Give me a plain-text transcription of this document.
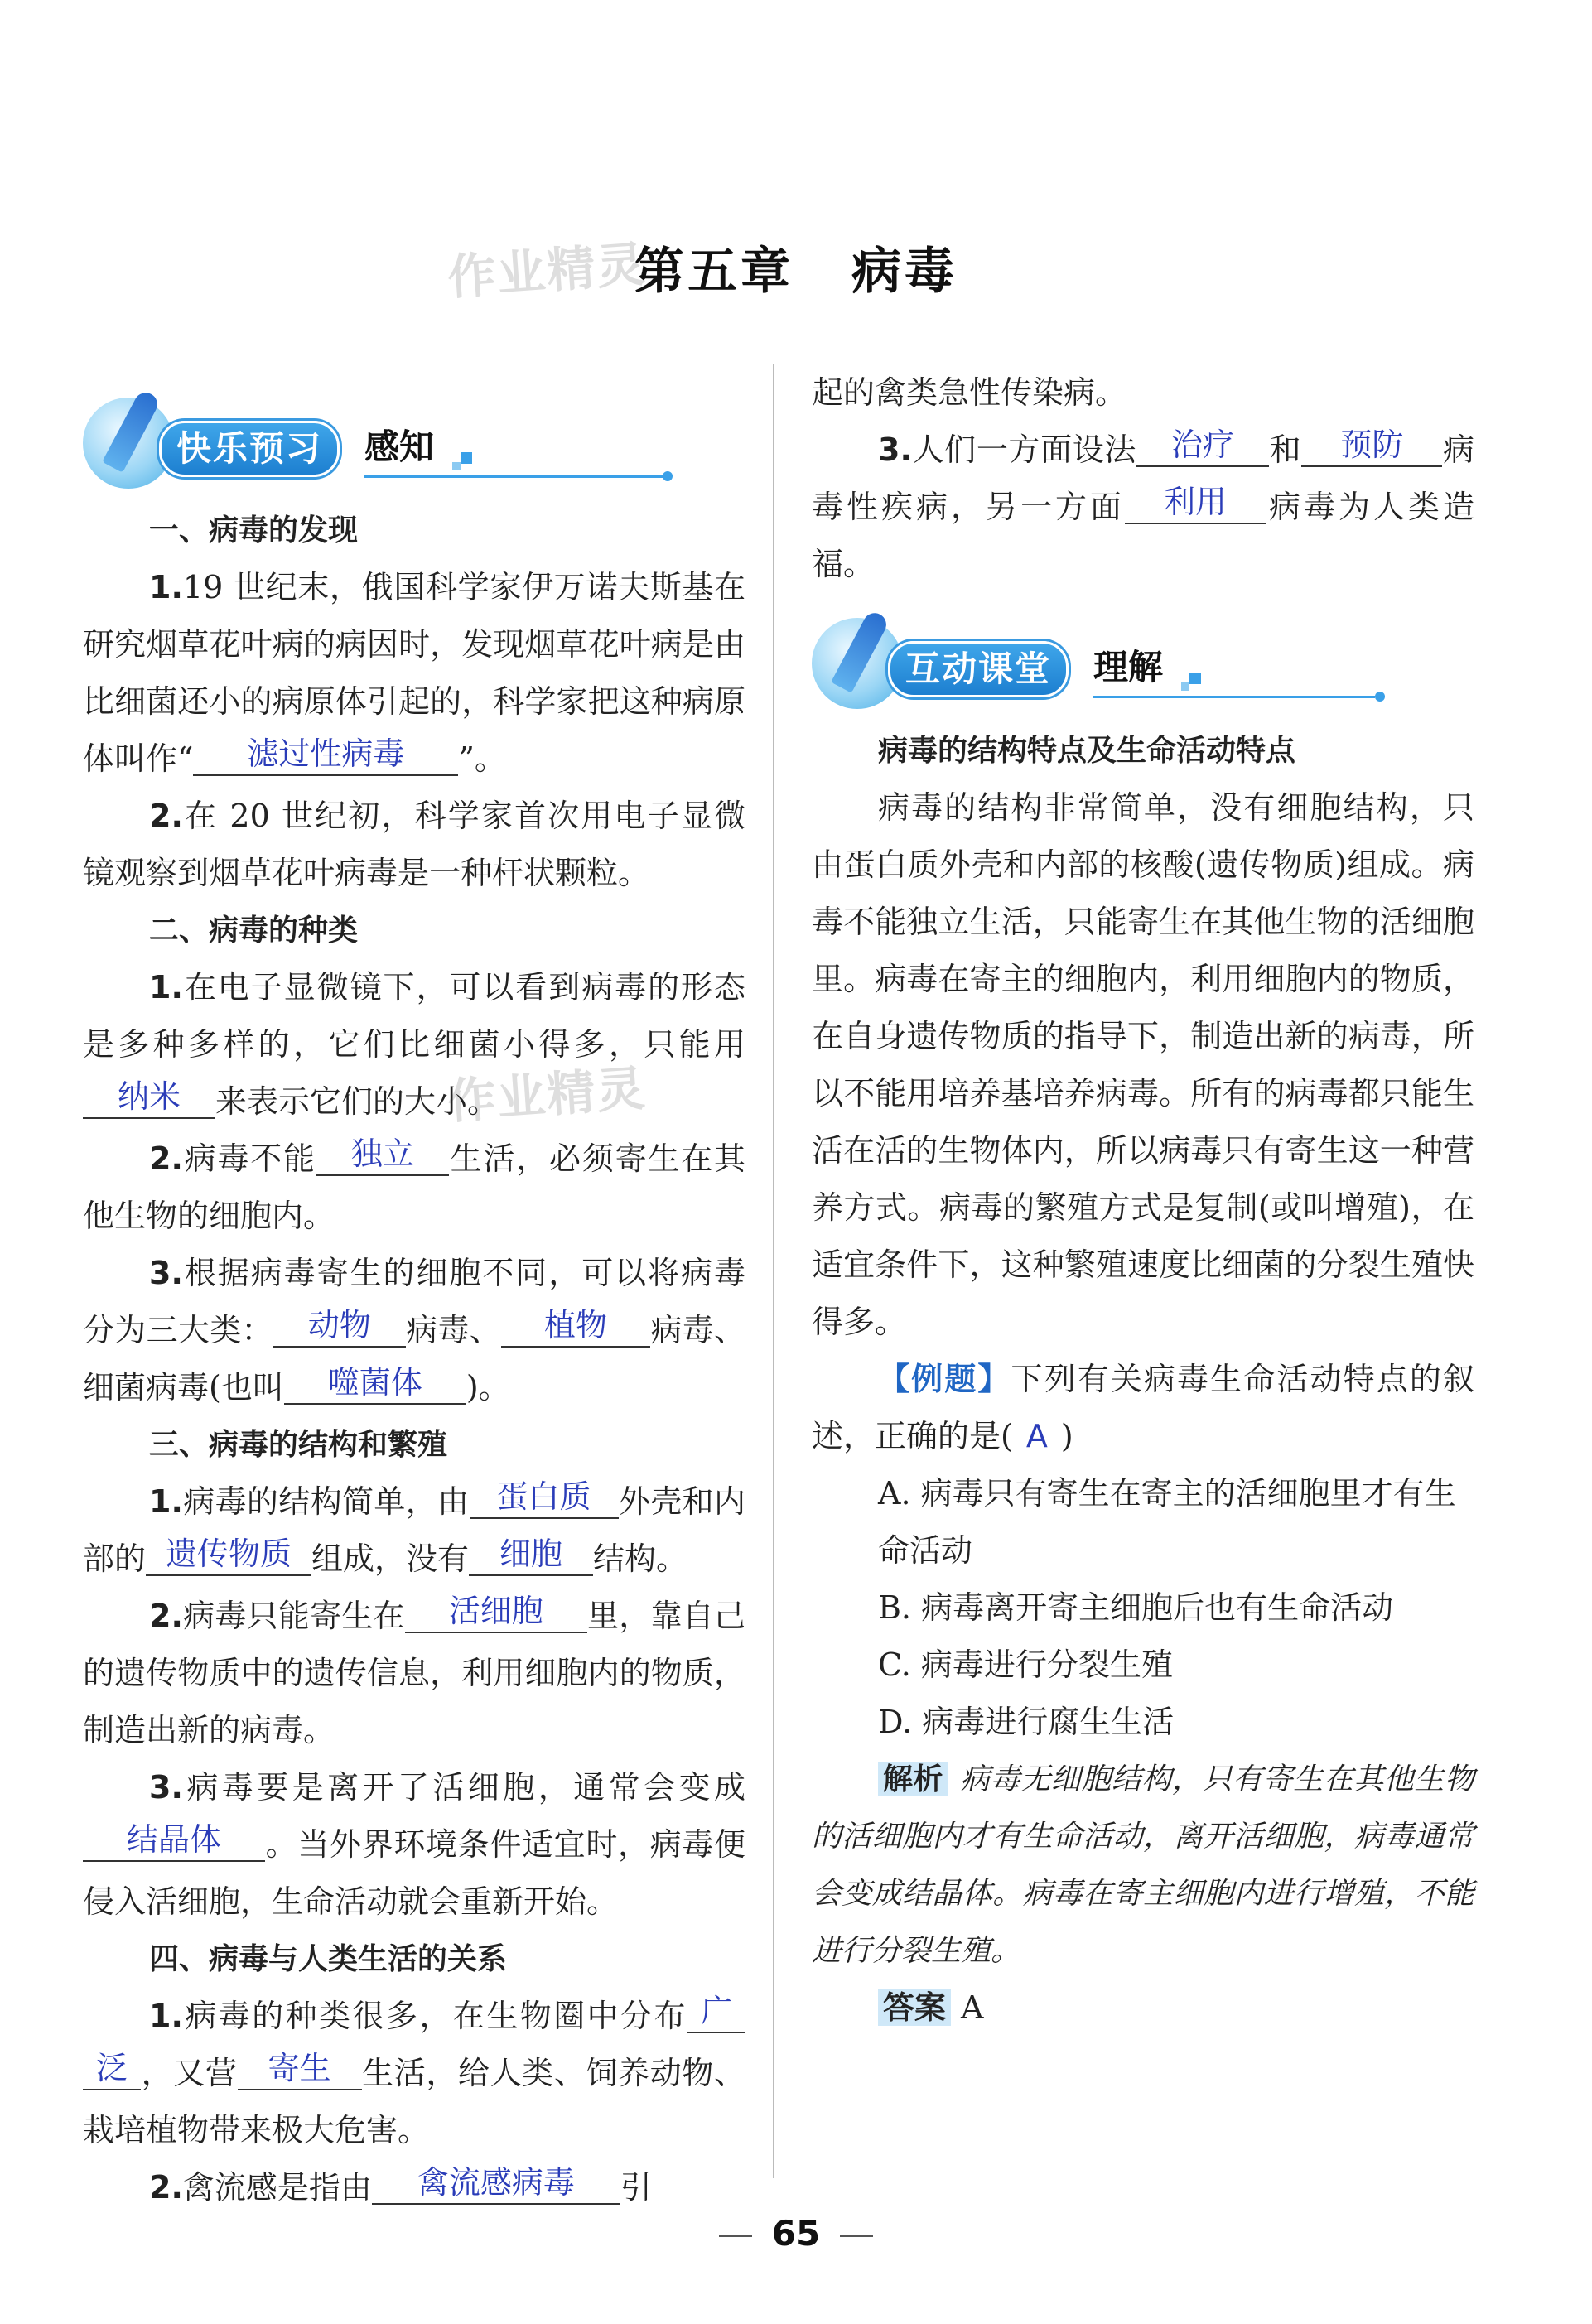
第五章 病毒
作业精灵
作业精灵
快乐预习	感知

一、病毒的发现

1.19 世纪末，俄国科学家伊万诺夫斯基在研究烟草花叶病的病因时，发现烟草花叶病是由比细菌还小的病原体引起的，科学家把这种病原体叫作“ 滤过性病毒 ”。

2.在 20 世纪初，科学家首次用电子显微镜观察到烟草花叶病毒是一种杆状颗粒。

二、病毒的种类

1.在电子显微镜下，可以看到病毒的形态是多种多样的，它们比细菌小得多，只能用纳米 来表示它们的大小。

2.病毒不能 独立 生活，必须寄生在其他生物的细胞内。

3.根据病毒寄生的细胞不同，可以将病毒分为三大类： 动物 病毒、 植物 病毒、细菌病毒(也叫 噬菌体 )。

三、病毒的结构和繁殖

1.病毒的结构简单，由 蛋白质 外壳和内部的 遗传物质 组成，没有 细胞 结构。

2.病毒只能寄生在 活细胞 里，靠自己的遗传物质中的遗传信息，利用细胞内的物质，制造出新的病毒。

3.病毒要是离开了活细胞，通常会变成结晶体 。当外界环境条件适宜时，病毒便侵入活细胞，生命活动就会重新开始。

四、病毒与人类生活的关系

1.病毒的种类很多，在生物圈中分布 广泛 ，又营 寄生 生活，给人类、饲养动物、栽培植物带来极大危害。

2.禽流感是指由 禽流感病毒 引

起的禽类急性传染病。

3.人们一方面设法 治疗 和 预防 病毒性疾病，另一方面 利用 病毒为人类造福。

互动课堂	理解

病毒的结构特点及生命活动特点

病毒的结构非常简单，没有细胞结构，只由蛋白质外壳和内部的核酸(遗传物质)组成。病毒不能独立生活，只能寄生在其他生物的活细胞里。病毒在寄主的细胞内，利用细胞内的物质，在自身遗传物质的指导下，制造出新的病毒，所以不能用培养基培养病毒。所有的病毒都只能生活在活的生物体内，所以病毒只有寄生这一种营养方式。病毒的繁殖方式是复制(或叫增殖)，在适宜条件下，这种繁殖速度比细菌的分裂生殖快得多。

【例题】下列有关病毒生命活动特点的叙述，正确的是( A )

A. 病毒只有寄生在寄主的活细胞里才有生命活动

B. 病毒离开寄主细胞后也有生命活动

C. 病毒进行分裂生殖

D. 病毒进行腐生生活

解析 病毒无细胞结构，只有寄生在其他生物的活细胞内才有生命活动，离开活细胞，病毒通常会变成结晶体。病毒在寄主细胞内进行增殖，不能进行分裂生殖。

答案 A

65
